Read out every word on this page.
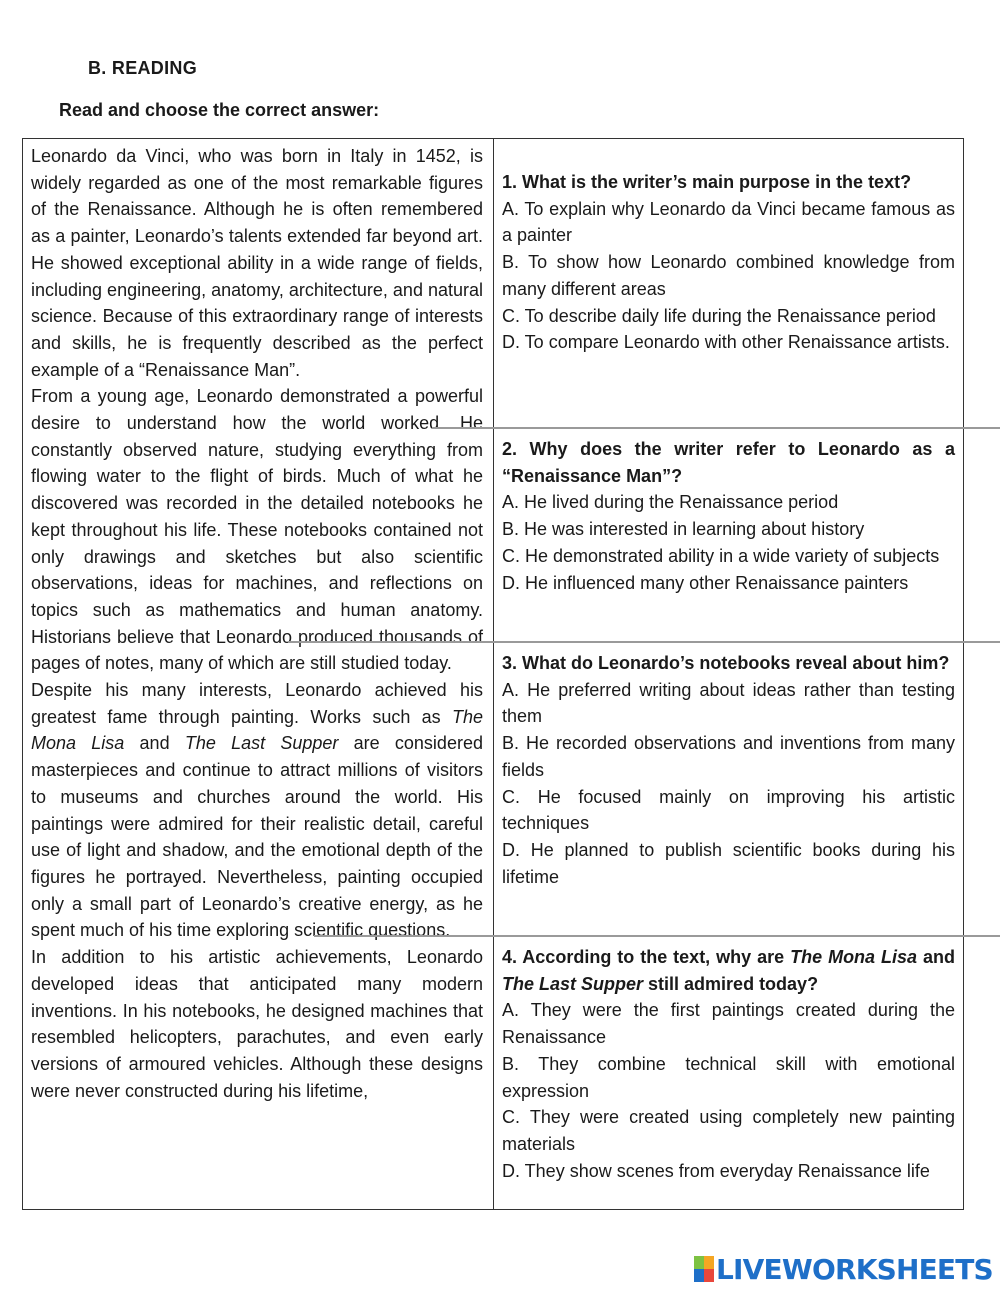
B. READING
Read and choose the correct answer:

Leonardo da Vinci, who was born in Italy in 1452, is widely regarded as one of the most remarkable figures of the Renaissance. Although he is often remembered as a painter, Leonardo’s talents extended far beyond art. He showed exceptional ability in a wide range of fields, including engineering, anatomy, architecture, and natural science. Because of this extraordinary range of interests and skills, he is frequently described as the perfect example of a “Renaissance Man”.

From a young age, Leonardo demonstrated a powerful desire to understand how the world worked. He constantly observed nature, studying everything from flowing water to the flight of birds. Much of what he discovered was recorded in the detailed notebooks he kept throughout his life. These notebooks contained not only drawings and sketches but also scientific observations, ideas for machines, and reflections on topics such as mathematics and human anatomy. Historians believe that Leonardo produced thousands of pages of notes, many of which are still studied today.

Despite his many interests, Leonardo achieved his greatest fame through painting. Works such as The Mona Lisa and The Last Supper are considered masterpieces and continue to attract millions of visitors to museums and churches around the world. His paintings were admired for their realistic detail, careful use of light and shadow, and the emotional depth of the figures he portrayed. Nevertheless, painting occupied only a small part of Leonardo’s creative energy, as he spent much of his time exploring scientific questions.

In addition to his artistic achievements, Leonardo developed ideas that anticipated many modern inventions. In his notebooks, he designed machines that resembled helicopters, parachutes, and even early versions of armoured vehicles. Although these designs were never constructed during his lifetime,

1. What is the writer’s main purpose in the text?
A. To explain why Leonardo da Vinci became famous as a painter
B. To show how Leonardo combined knowledge from many different areas
C. To describe daily life during the Renaissance period
D. To compare Leonardo with other Renaissance artists.
2. Why does the writer refer to Leonardo as a “Renaissance Man”?
A. He lived during the Renaissance period
B. He was interested in learning about history
C. He demonstrated ability in a wide variety of subjects
D. He influenced many other Renaissance painters
3. What do Leonardo’s notebooks reveal about him?
A. He preferred writing about ideas rather than testing them
B. He recorded observations and inventions from many fields
C. He focused mainly on improving his artistic techniques
D. He planned to publish scientific books during his lifetime
4. According to the text, why are The Mona Lisa and The Last Supper still admired today?
A. They were the first paintings created during the Renaissance
B. They combine technical skill with emotional expression
C. They were created using completely new painting materials
D. They show scenes from everyday Renaissance life
LIVEWORKSHEETS
